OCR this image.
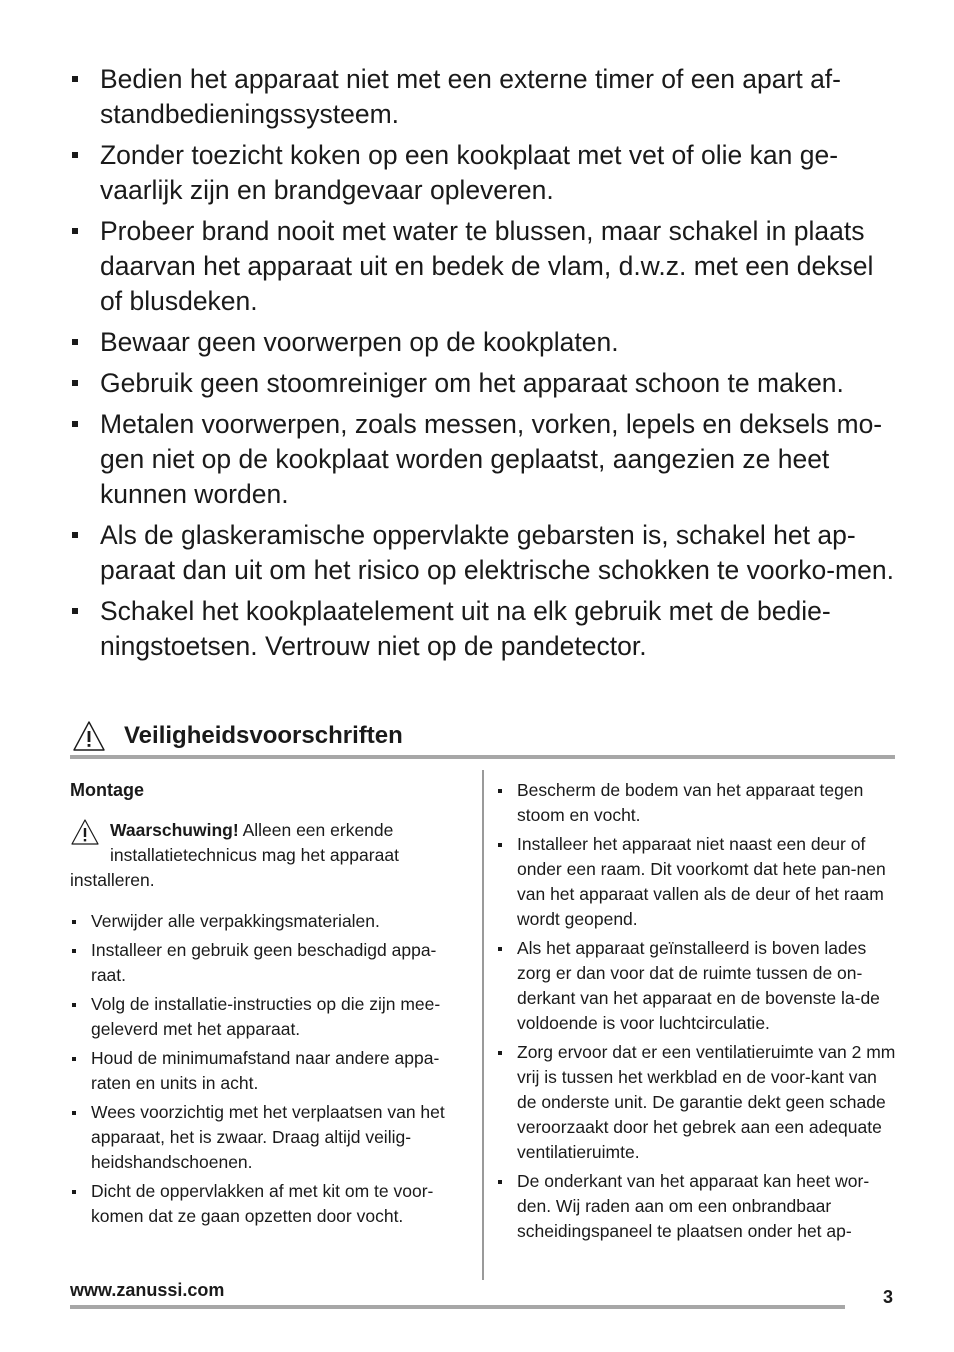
Bedien het apparaat niet met een externe timer of een apart af-standbedieningssysteem.
Zonder toezicht koken op een kookplaat met vet of olie kan ge-vaarlijk zijn en brandgevaar opleveren.
Probeer brand nooit met water te blussen, maar schakel in plaats daarvan het apparaat uit en bedek de vlam, d.w.z. met een deksel of blusdeken.
Bewaar geen voorwerpen op de kookplaten.
Gebruik geen stoomreiniger om het apparaat schoon te maken.
Metalen voorwerpen, zoals messen, vorken, lepels en deksels mo-gen niet op de kookplaat worden geplaatst, aangezien ze heet kunnen worden.
Als de glaskeramische oppervlakte gebarsten is, schakel het ap-paraat dan uit om het risico op elektrische schokken te voorko-men.
Schakel het kookplaatelement uit na elk gebruik met de bedie-ningstoetsen. Vertrouw niet op de pandetector.
Veiligheidsvoorschriften
Montage
Waarschuwing! Alleen een erkende installatietechnicus mag het apparaat installeren.
Verwijder alle verpakkingsmaterialen.
Installeer en gebruik geen beschadigd appa-raat.
Volg de installatie-instructies op die zijn mee-geleverd met het apparaat.
Houd de minimumafstand naar andere appa-raten en units in acht.
Wees voorzichtig met het verplaatsen van het apparaat, het is zwaar. Draag altijd veilig-heidshandschoenen.
Dicht de oppervlakken af met kit om te voor-komen dat ze gaan opzetten door vocht.
Bescherm de bodem van het apparaat tegen stoom en vocht.
Installeer het apparaat niet naast een deur of onder een raam. Dit voorkomt dat hete pan-nen van het apparaat vallen als de deur of het raam wordt geopend.
Als het apparaat geïnstalleerd is boven lades zorg er dan voor dat de ruimte tussen de on-derkant van het apparaat en de bovenste la-de voldoende is voor luchtcirculatie.
Zorg ervoor dat er een ventilatieruimte van 2 mm vrij is tussen het werkblad en de voor-kant van de onderste unit. De garantie dekt geen schade veroorzaakt door het gebrek aan een adequate ventilatieruimte.
De onderkant van het apparaat kan heet wor-den. Wij raden aan om een onbrandbaar scheidingspaneel te plaatsen onder het ap-
www.zanussi.com	3
